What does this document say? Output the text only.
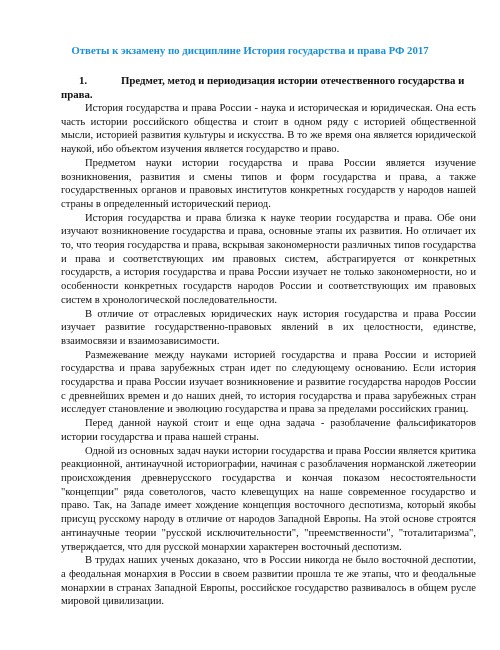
Ответы к экзамену по дисциплине История государства и права РФ 2017

1.	Предмет, метод и периодизация истории отечественного государства и права.

История государства и права России - наука и историческая и юридическая. Она есть часть истории российского общества и стоит в одном ряду с историей общественной мысли, историей развития культуры и искусства. В то же время она является юридической наукой, ибо объектом изучения является государство и право.

Предметом науки истории государства и права России является изучение возникновения, развития и смены типов и форм государства и права, а также государственных органов и правовых институтов конкретных государств у народов нашей страны в определенный исторический период.

История государства и права близка к науке теории государства и права. Обе они изучают возникновение государства и права, основные этапы их развития. Но отличает их то, что теория государства и права, вскрывая закономерности различных типов государства и права и соответствующих им правовых систем, абстрагируется от конкретных государств, а история государства и права России изучает не только закономерности, но и особенности конкретных государств народов России и соответствующих им правовых систем в хронологической последовательности.

В отличие от отраслевых юридических наук история государства и права России изучает развитие государственно-правовых явлений в их целостности, единстве, взаимосвязи и взаимозависимости.

Размежевание между науками историей государства и права России и историей государства и права зарубежных стран идет по следующему основанию. Если история государства и права России изучает возникновение и развитие государства народов России с древнейших времен и до наших дней, то история государства и права зарубежных стран исследует становление и эволюцию государства и права за пределами российских границ.

Перед данной наукой стоит и еще одна задача - разоблачение фальсификаторов истории государства и права нашей страны.

Одной из основных задач науки истории государства и права России является критика реакционной, антинаучной историографии, начиная с разоблачения норманской лжетеории происхождения древнерусского государства и кончая показом несостоятельности "концепции" ряда советологов, часто клевещущих на наше современное государство и право. Так, на Западе имеет хождение концепция восточного деспотизма, который якобы присущ русскому народу в отличие от народов Западной Европы. На этой основе строятся антинаучные теории "русской исключительности", "преемственности", "тоталитаризма", утверждается, что для русской монархии характерен восточный деспотизм.

В трудах наших ученых доказано, что в России никогда не было восточной деспотии, а феодальная монархия в России в своем развитии прошла те же этапы, что и феодальные монархии в странах Западной Европы, российское государство развивалось в общем русле мировой цивилизации.
